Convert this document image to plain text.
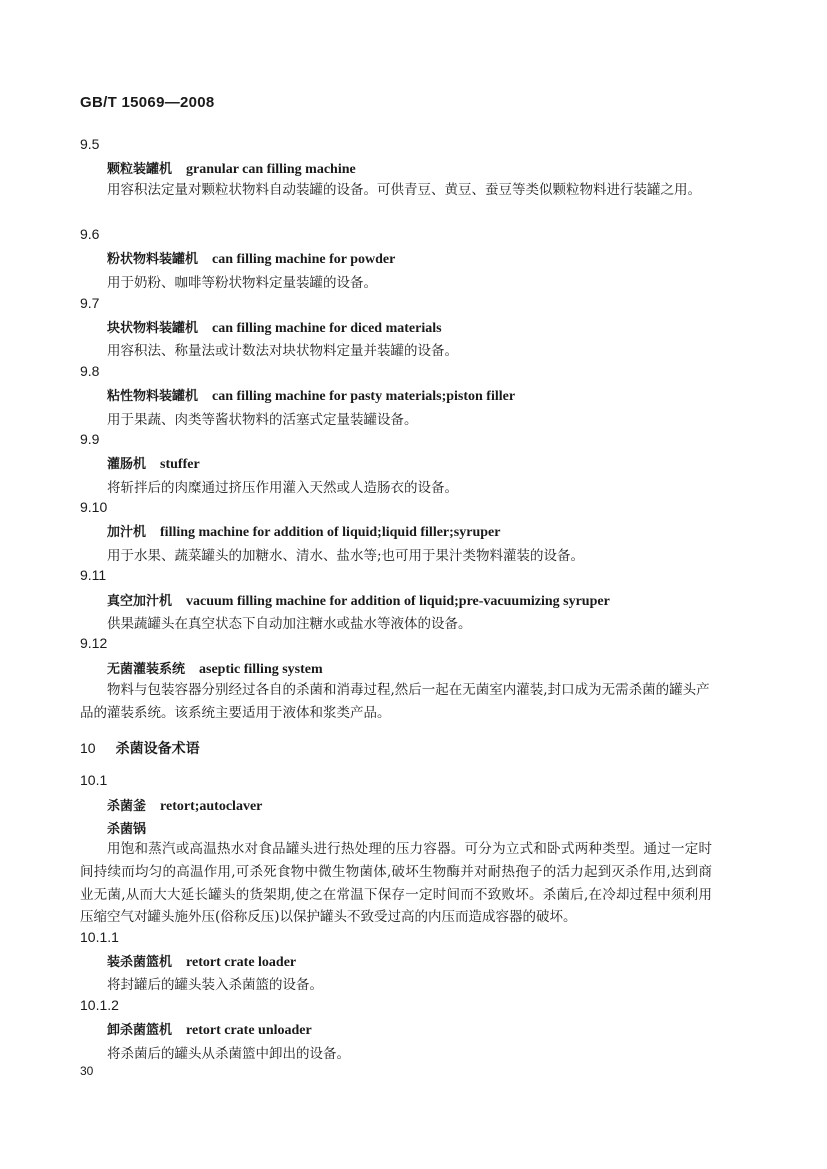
GB/T 15069—2008
9.5
颗粒装罐机 granular can filling machine
用容积法定量对颗粒状物料自动装罐的设备。可供青豆、黄豆、蚕豆等类似颗粒物料进行装罐之用。
9.6
粉状物料装罐机 can filling machine for powder
用于奶粉、咖啡等粉状物料定量装罐的设备。
9.7
块状物料装罐机 can filling machine for diced materials
用容积法、称量法或计数法对块状物料定量并装罐的设备。
9.8
粘性物料装罐机 can filling machine for pasty materials;piston filler
用于果蔬、肉类等酱状物料的活塞式定量装罐设备。
9.9
灌肠机 stuffer
将斩拌后的肉糜通过挤压作用灌入天然或人造肠衣的设备。
9.10
加汁机 filling machine for addition of liquid;liquid filler;syruper
用于水果、蔬菜罐头的加糖水、清水、盐水等;也可用于果汁类物料灌装的设备。
9.11
真空加汁机 vacuum filling machine for addition of liquid;pre-vacuumizing syruper
供果蔬罐头在真空状态下自动加注糖水或盐水等液体的设备。
9.12
无菌灌装系统 aseptic filling system
物料与包装容器分别经过各自的杀菌和消毒过程,然后一起在无菌室内灌装,封口成为无需杀菌的罐头产品的灌装系统。该系统主要适用于液体和浆类产品。
10 杀菌设备术语
10.1
杀菌釜 retort;autoclaver
杀菌锅
用饱和蒸汽或高温热水对食品罐头进行热处理的压力容器。可分为立式和卧式两种类型。通过一定时间持续而均匀的高温作用,可杀死食物中微生物菌体,破坏生物酶并对耐热孢子的活力起到灭杀作用,达到商业无菌,从而大大延长罐头的货架期,使之在常温下保存一定时间而不致败坏。杀菌后,在冷却过程中须利用压缩空气对罐头施外压(俗称反压)以保护罐头不致受过高的内压而造成容器的破坏。
10.1.1
装杀菌篮机 retort crate loader
将封罐后的罐头装入杀菌篮的设备。
10.1.2
卸杀菌篮机 retort crate unloader
将杀菌后的罐头从杀菌篮中卸出的设备。
30
